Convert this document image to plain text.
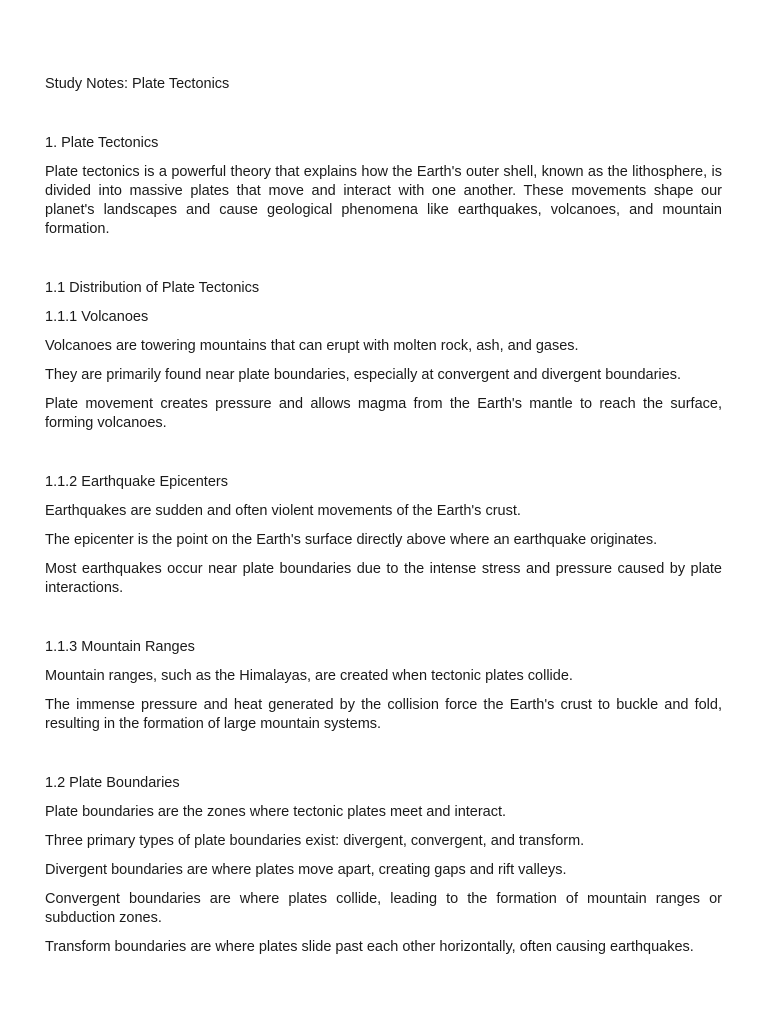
Study Notes: Plate Tectonics
1. Plate Tectonics
Plate tectonics is a powerful theory that explains how the Earth's outer shell, known as the lithosphere, is divided into massive plates that move and interact with one another. These movements shape our planet's landscapes and cause geological phenomena like earthquakes, volcanoes, and mountain formation.
1.1 Distribution of Plate Tectonics
1.1.1 Volcanoes
Volcanoes are towering mountains that can erupt with molten rock, ash, and gases.
They are primarily found near plate boundaries, especially at convergent and divergent boundaries.
Plate movement creates pressure and allows magma from the Earth's mantle to reach the surface, forming volcanoes.
1.1.2 Earthquake Epicenters
Earthquakes are sudden and often violent movements of the Earth's crust.
The epicenter is the point on the Earth's surface directly above where an earthquake originates.
Most earthquakes occur near plate boundaries due to the intense stress and pressure caused by plate interactions.
1.1.3 Mountain Ranges
Mountain ranges, such as the Himalayas, are created when tectonic plates collide.
The immense pressure and heat generated by the collision force the Earth's crust to buckle and fold, resulting in the formation of large mountain systems.
1.2 Plate Boundaries
Plate boundaries are the zones where tectonic plates meet and interact.
Three primary types of plate boundaries exist: divergent, convergent, and transform.
Divergent boundaries are where plates move apart, creating gaps and rift valleys.
Convergent boundaries are where plates collide, leading to the formation of mountain ranges or subduction zones.
Transform boundaries are where plates slide past each other horizontally, often causing earthquakes.
